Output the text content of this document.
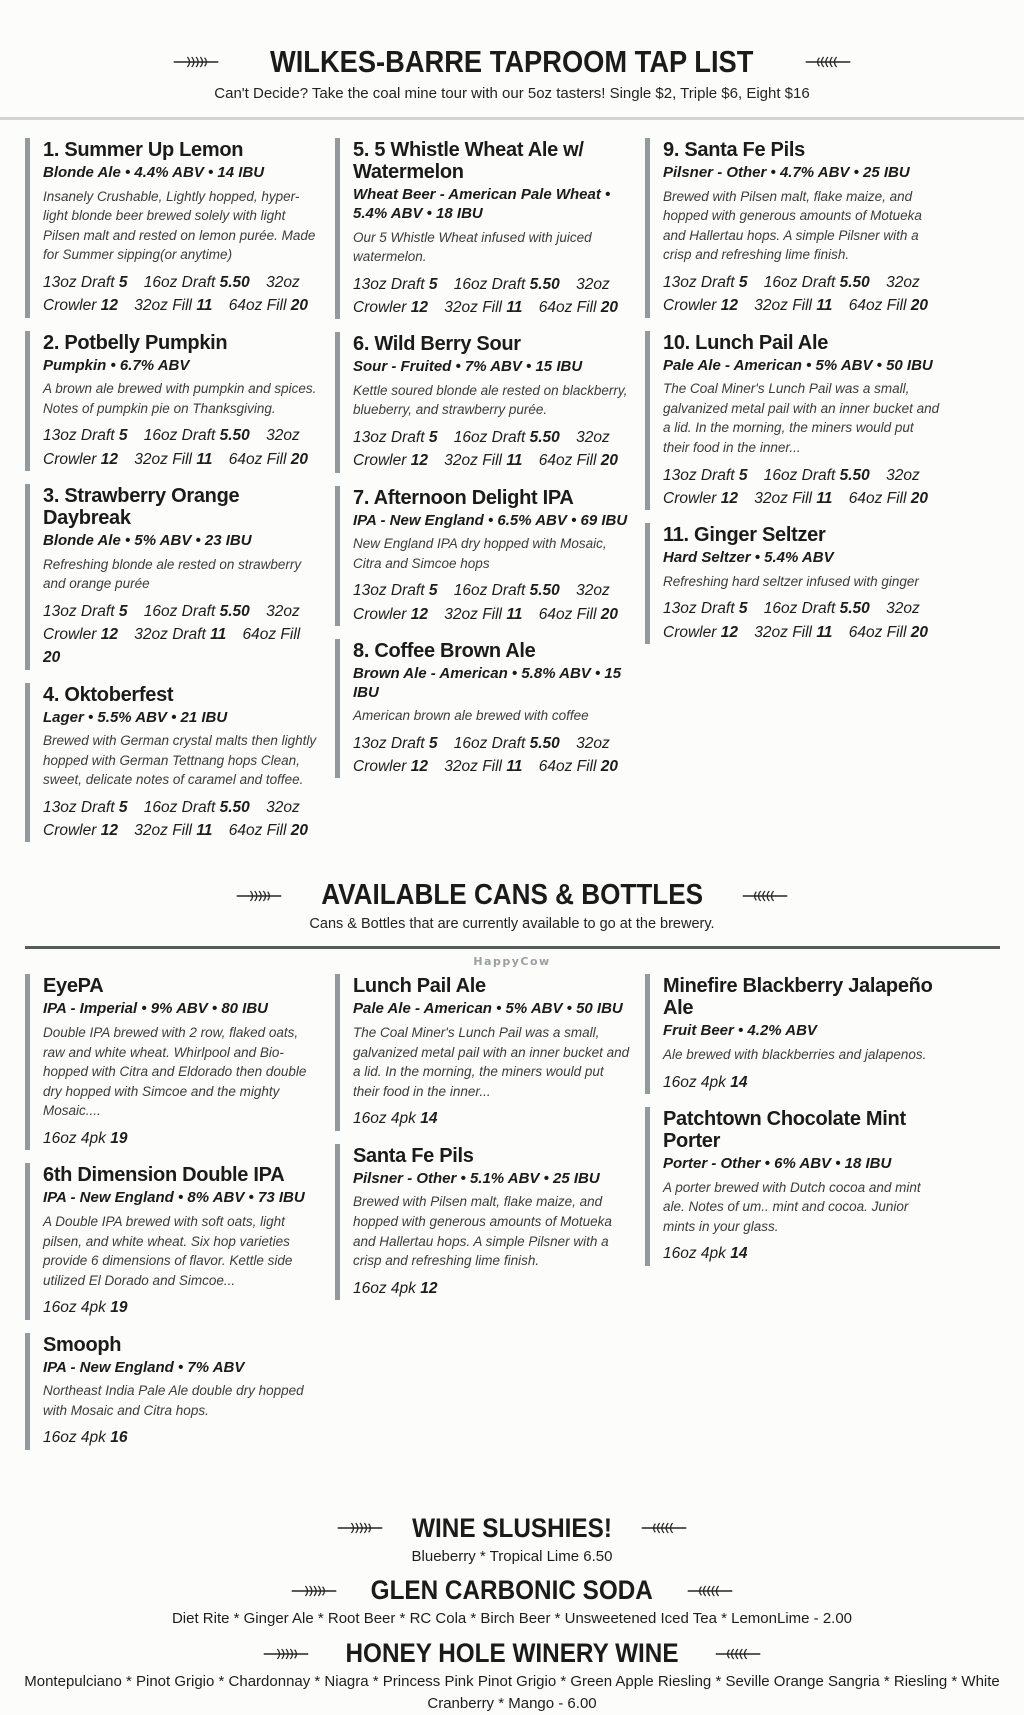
WILKES-BARRE TAPROOM TAP LIST
Can't Decide? Take the coal mine tour with our 5oz tasters! Single $2, Triple $6, Eight $16
1. Summer Up Lemon
Blonde Ale • 4.4% ABV • 14 IBU
Insanely Crushable, Lightly hopped, hyper-light blonde beer brewed solely with light Pilsen malt and rested on lemon purée. Made for Summer sipping(or anytime)
13oz Draft 5 16oz Draft 5.50 32oz Crowler 12 32oz Fill 11 64oz Fill 20
2. Potbelly Pumpkin
Pumpkin • 6.7% ABV
A brown ale brewed with pumpkin and spices. Notes of pumpkin pie on Thanksgiving.
13oz Draft 5 16oz Draft 5.50 32oz Crowler 12 32oz Fill 11 64oz Fill 20
3. Strawberry Orange Daybreak
Blonde Ale • 5% ABV • 23 IBU
Refreshing blonde ale rested on strawberry and orange purée
13oz Draft 5 16oz Draft 5.50 32oz Crowler 12 32oz Draft 11 64oz Fill 20
4. Oktoberfest
Lager • 5.5% ABV • 21 IBU
Brewed with German crystal malts then lightly hopped with German Tettnang hops Clean, sweet, delicate notes of caramel and toffee.
13oz Draft 5 16oz Draft 5.50 32oz Crowler 12 32oz Fill 11 64oz Fill 20
5. 5 Whistle Wheat Ale w/ Watermelon
Wheat Beer - American Pale Wheat • 5.4% ABV • 18 IBU
Our 5 Whistle Wheat infused with juiced watermelon.
13oz Draft 5 16oz Draft 5.50 32oz Crowler 12 32oz Fill 11 64oz Fill 20
6. Wild Berry Sour
Sour - Fruited • 7% ABV • 15 IBU
Kettle soured blonde ale rested on blackberry, blueberry, and strawberry purée.
13oz Draft 5 16oz Draft 5.50 32oz Crowler 12 32oz Fill 11 64oz Fill 20
7. Afternoon Delight IPA
IPA - New England • 6.5% ABV • 69 IBU
New England IPA dry hopped with Mosaic, Citra and Simcoe hops
13oz Draft 5 16oz Draft 5.50 32oz Crowler 12 32oz Fill 11 64oz Fill 20
8. Coffee Brown Ale
Brown Ale - American • 5.8% ABV • 15 IBU
American brown ale brewed with coffee
13oz Draft 5 16oz Draft 5.50 32oz Crowler 12 32oz Fill 11 64oz Fill 20
9. Santa Fe Pils
Pilsner - Other • 4.7% ABV • 25 IBU
Brewed with Pilsen malt, flake maize, and hopped with generous amounts of Motueka and Hallertau hops. A simple Pilsner with a crisp and refreshing lime finish.
13oz Draft 5 16oz Draft 5.50 32oz Crowler 12 32oz Fill 11 64oz Fill 20
10. Lunch Pail Ale
Pale Ale - American • 5% ABV • 50 IBU
The Coal Miner's Lunch Pail was a small, galvanized metal pail with an inner bucket and a lid. In the morning, the miners would put their food in the inner...
13oz Draft 5 16oz Draft 5.50 32oz Crowler 12 32oz Fill 11 64oz Fill 20
11. Ginger Seltzer
Hard Seltzer • 5.4% ABV
Refreshing hard seltzer infused with ginger
13oz Draft 5 16oz Draft 5.50 32oz Crowler 12 32oz Fill 11 64oz Fill 20
AVAILABLE CANS & BOTTLES
Cans & Bottles that are currently available to go at the brewery.
HappyCow
EyePA
IPA - Imperial • 9% ABV • 80 IBU
Double IPA brewed with 2 row, flaked oats, raw and white wheat. Whirlpool and Bio-hopped with Citra and Eldorado then double dry hopped with Simcoe and the mighty Mosaic....
16oz 4pk 19
6th Dimension Double IPA
IPA - New England • 8% ABV • 73 IBU
A Double IPA brewed with soft oats, light pilsen, and white wheat. Six hop varieties provide 6 dimensions of flavor. Kettle side utilized El Dorado and Simcoe...
16oz 4pk 19
Smooph
IPA - New England • 7% ABV
Northeast India Pale Ale double dry hopped with Mosaic and Citra hops.
16oz 4pk 16
Lunch Pail Ale
Pale Ale - American • 5% ABV • 50 IBU
The Coal Miner's Lunch Pail was a small, galvanized metal pail with an inner bucket and a lid. In the morning, the miners would put their food in the inner...
16oz 4pk 14
Santa Fe Pils
Pilsner - Other • 5.1% ABV • 25 IBU
Brewed with Pilsen malt, flake maize, and hopped with generous amounts of Motueka and Hallertau hops. A simple Pilsner with a crisp and refreshing lime finish.
16oz 4pk 12
Minefire Blackberry Jalapeño Ale
Fruit Beer • 4.2% ABV
Ale brewed with blackberries and jalapenos.
16oz 4pk 14
Patchtown Chocolate Mint Porter
Porter - Other • 6% ABV • 18 IBU
A porter brewed with Dutch cocoa and mint ale. Notes of um.. mint and cocoa. Junior mints in your glass.
16oz 4pk 14
WINE SLUSHIES!
Blueberry * Tropical Lime 6.50
GLEN CARBONIC SODA
Diet Rite * Ginger Ale * Root Beer * RC Cola * Birch Beer * Unsweetened Iced Tea * LemonLime - 2.00
HONEY HOLE WINERY WINE
Montepulciano * Pinot Grigio * Chardonnay * Niagra * Princess Pink Pinot Grigio * Green Apple Riesling * Seville Orange Sangria * Riesling * White Cranberry * Mango - 6.00
